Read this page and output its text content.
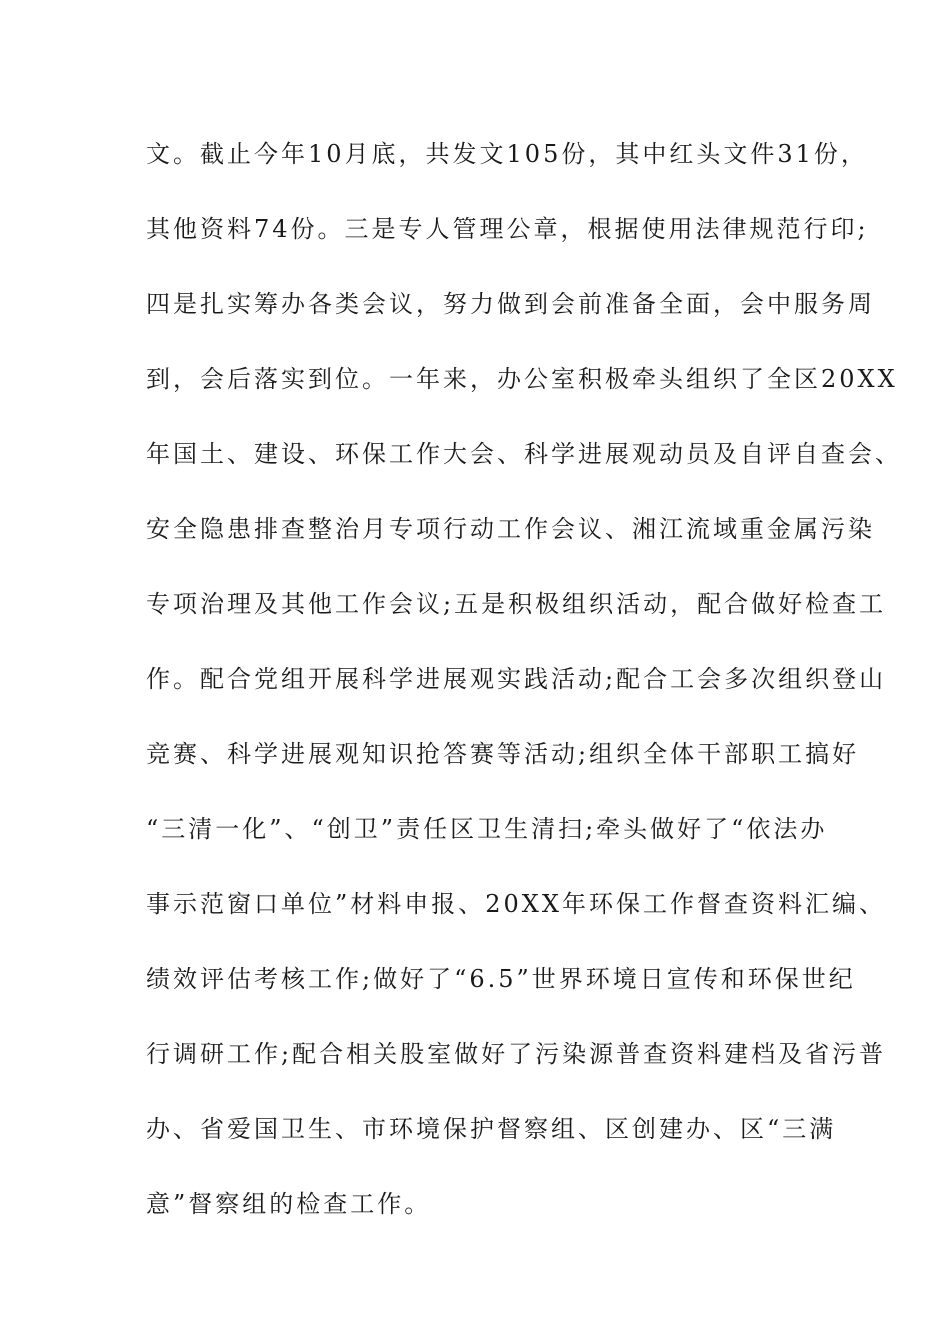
文。截止今年10月底，共发文105份，其中红头文件31份，
其他资料74份。三是专人管理公章，根据使用法律规范行印;
四是扎实筹办各类会议，努力做到会前准备全面，会中服务周
到，会后落实到位。一年来，办公室积极牵头组织了全区20XX
年国土、建设、环保工作大会、科学进展观动员及自评自查会、
安全隐患排查整治月专项行动工作会议、湘江流域重金属污染
专项治理及其他工作会议;五是积极组织活动，配合做好检查工
作。配合党组开展科学进展观实践活动;配合工会多次组织登山
竞赛、科学进展观知识抢答赛等活动;组织全体干部职工搞好
“三清一化”、“创卫”责任区卫生清扫;牵头做好了“依法办
事示范窗口单位”材料申报、20XX年环保工作督查资料汇编、
绩效评估考核工作;做好了“6.5”世界环境日宣传和环保世纪
行调研工作;配合相关股室做好了污染源普查资料建档及省污普
办、省爱国卫生、市环境保护督察组、区创建办、区“三满
意”督察组的检查工作。
